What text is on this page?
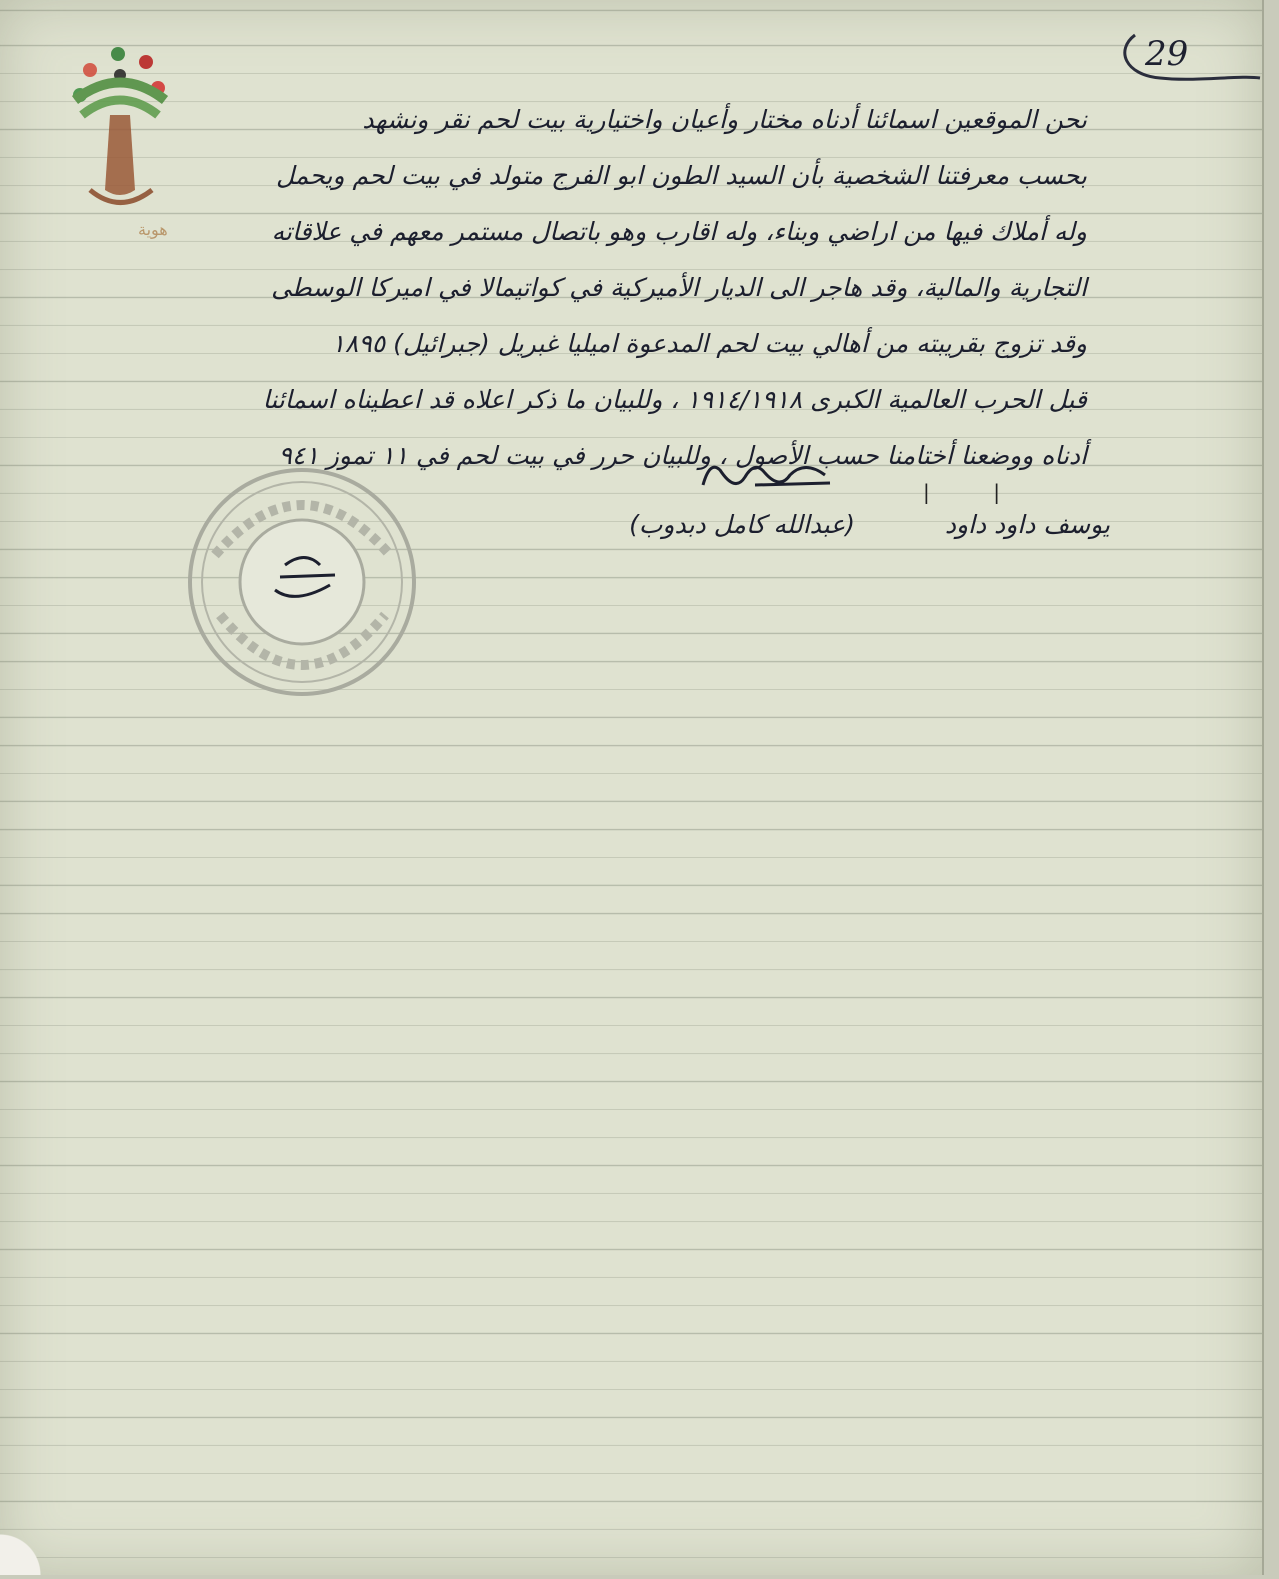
29
هوية
نحن الموقعين اسمائنا أدناه مختار وأعيان واختيارية بيت لحم نقر ونشهد
بحسب معرفتنا الشخصية بأن السيد الطون ابو الفرج متولد في بيت لحم ويحمل
وله أملاك فيها من اراضي وبناء، وله اقارب وهو باتصال مستمر معهم في علاقاته
التجارية والمالية، وقد هاجر الى الديار الأميركية في كواتيمالا في اميركا الوسطى
وقد تزوج بقريبته من أهالي بيت لحم المدعوة اميليا غبريل (جبرائيل) ١٨٩٥
قبل الحرب العالمية الكبرى ١٩١٤/١٩١٨ ، وللبيان ما ذكر اعلاه قد اعطيناه اسمائنا
أدناه ووضعنا أختامنا حسب الأصول ، وللبيان حرر في بيت لحم في ١١ تموز ٩٤١
|          |
يوسف داود داود
(عبدالله كامل دبدوب)
